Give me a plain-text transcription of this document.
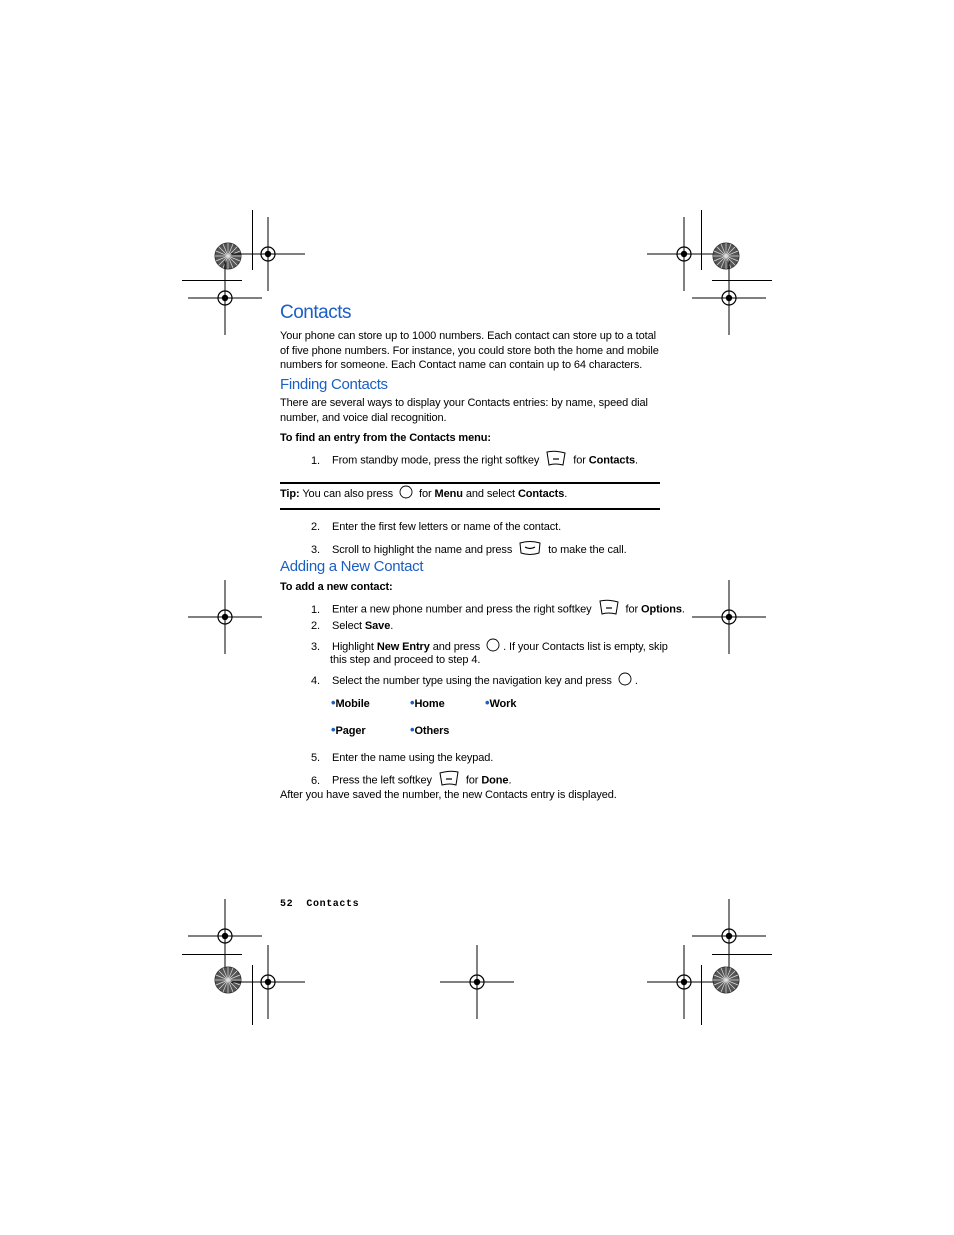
Contacts
Your phone can store up to 1000 numbers. Each contact can store up to a total of five phone numbers. For instance, you could store both the home and mobile numbers for someone. Each Contact name can contain up to 64 characters.
Finding Contacts
There are several ways to display your Contacts entries: by name, speed dial number, and voice dial recognition.
To find an entry from the Contacts menu:
1. From standby mode, press the right softkey	for Contacts.
Tip: You can also press for Menu and select Contacts.
2. Enter the first few letters or name of the contact.
3. Scroll to highlight the name and press	to make the call.
Adding a New Contact
To add a new contact:
1. Enter a new phone number and press the right softkey	for Options.
2. Select Save.
3. Highlight New Entry and press . If your Contacts list is empty, skip
this step and proceed to step 4.
4. Select the number type using the navigation key and press .
•Mobile	•Home	•Work
•Pager	•Others
5. Enter the name using the keypad.
6. Press the left softkey	for Done.
After you have saved the number, the new Contacts entry is displayed.
52 Contacts
